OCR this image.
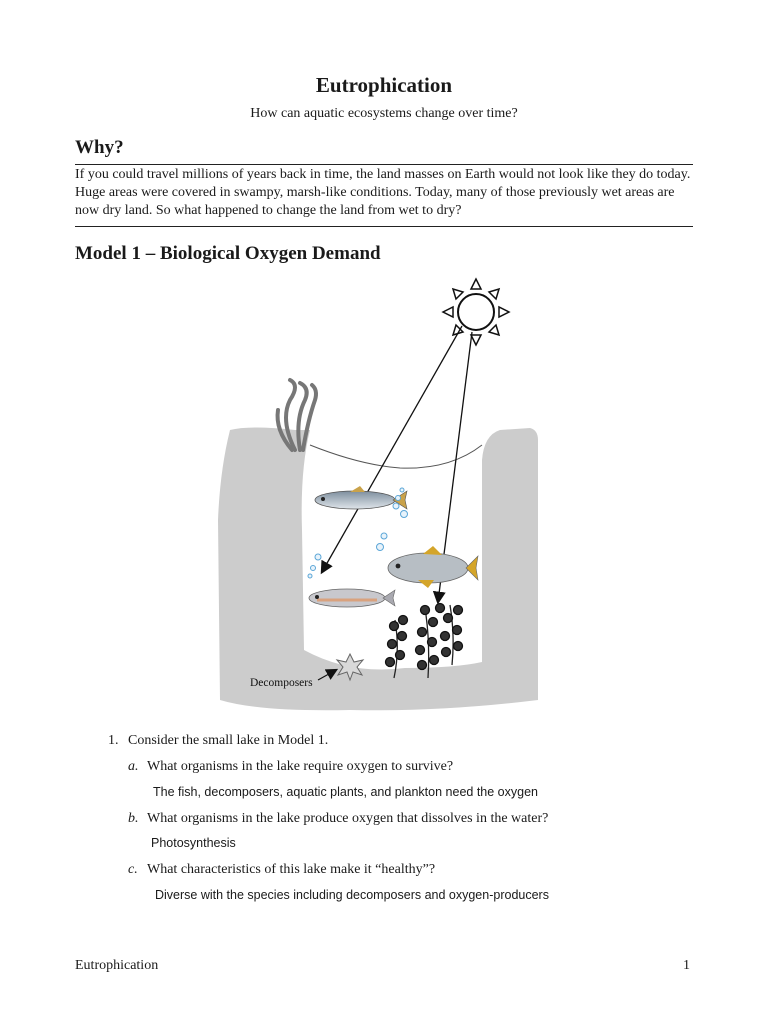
Eutrophication
How can aquatic ecosystems change over time?
Why?
If you could travel millions of years back in time, the land masses on Earth would not look like they do today. Huge areas were covered in swampy, marsh-like conditions. Today, many of those previously wet areas are now dry land. So what happened to change the land from wet to dry?
Model 1 – Biological Oxygen Demand
Decomposers
1. Consider the small lake in Model 1.
a. What organisms in the lake require oxygen to survive?
The fish, decomposers, aquatic plants, and plankton need the oxygen
b. What organisms in the lake produce oxygen that dissolves in the water?
Photosynthesis
c. What characteristics of this lake make it “healthy”?
Diverse with the species including decomposers and oxygen-producers
Eutrophication	1
